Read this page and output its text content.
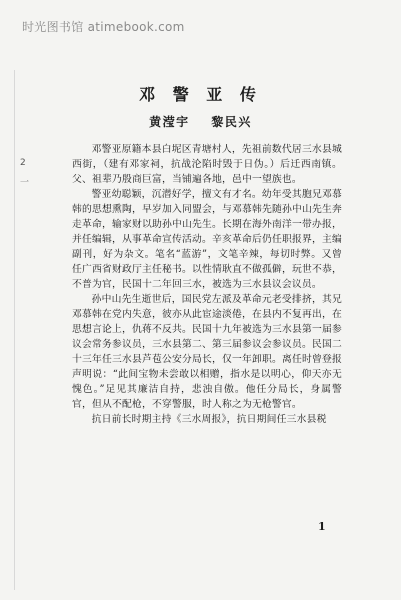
时光图书馆 atimebook.com
2
一
邓 警 亚 传
黄滢宇 黎民兴

邓警亚原籍本县白坭区青塘村人，先祖前数代居三水县城西街，（建有邓家祠，抗战沦陷时毁于日伪。）后迁西南镇。父、祖辈乃殷商巨富，当铺遍各地，邑中一望族也。

警亚幼聪颖，沉潜好学，擅文有才名。幼年受其胞兄邓慕韩的思想熏陶，早岁加入同盟会，与邓慕韩先随孙中山先生奔走革命，输家财以助孙中山先生。长期在海外南洋一带办报，并任编辑，从事革命宣传活动。辛亥革命后仍任职报界，主编副刊，好为杂文。笔名“蓝游”，文笔辛辣，每切时弊。又曾任广西省财政厅主任秘书。以性情耿直不做孤僻，玩世不恭，不普为官，民国十二年回三水，被选为三水县议会议员。

孙中山先生逝世后，国民党左派及革命元老受排挤，其兄邓慕韩在党内失意，彼亦从此宦途淡倦，在县内不复再出，在思想言论上，仇蒋不反共。民国十九年被选为三水县第一届参议会常务参议员，三水县第二、第三届参议会参议员。民国二十三年任三水县芦苞公安分局长，仅一年卸职。离任时曾登报声明说：“此间宝物未尝敢以相赠，指水是以明心，仰天亦无愧色。”足见其廉洁自持，悲浊自傲。他任分局长，身属警官，但从不配枪，不穿警服，时人称之为无枪警官。

抗日前长时期主持《三水周报》，抗日期间任三水县税

1
